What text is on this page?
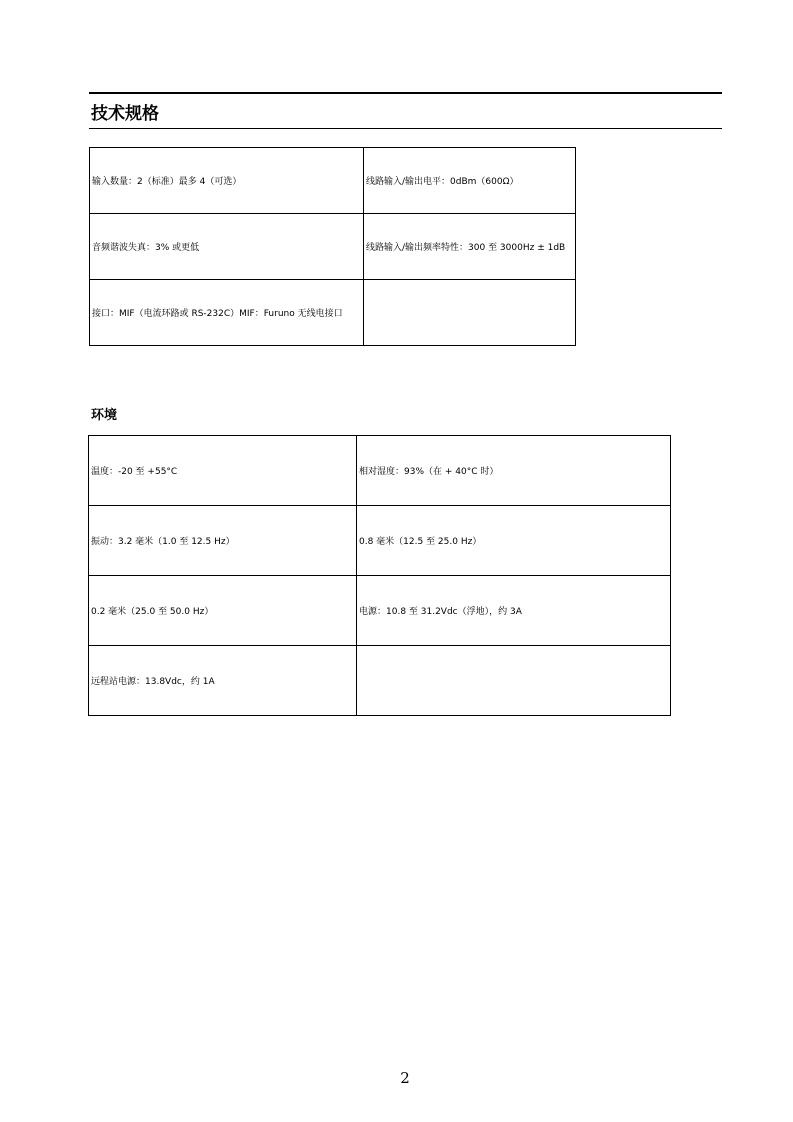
技术规格
输入数量：2（标准）最多 4（可选）	线路输入/输出电平：0dBm（600Ω）
音频谐波失真：3% 或更低	线路输入/输出频率特性：300 至 3000Hz ± 1dB
接口：MIF（电流环路或 RS-232C）MIF：Furuno 无线电接口	
环境
温度：-20 至 +55°C	相对湿度：93%（在 + 40°C 时）
振动：3.2 毫米（1.0 至 12.5 Hz）	0.8 毫米（12.5 至 25.0 Hz）
0.2 毫米（25.0 至 50.0 Hz）	电源：10.8 至 31.2Vdc（浮地），约 3A
远程站电源：13.8Vdc，约 1A	
2
